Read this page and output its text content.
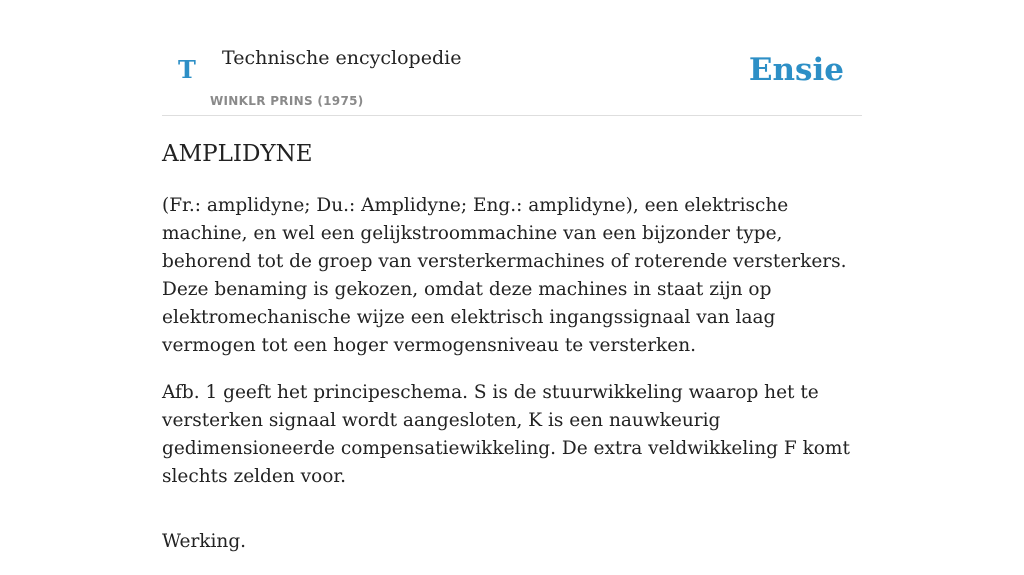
T Technische encyclopedie
WINKLR PRINS (1975)
Ensie
AMPLIDYNE

(Fr.: amplidyne; Du.: Amplidyne; Eng.: amplidyne), een elektrische machine, en wel een gelijkstroommachine van een bijzonder type, behorend tot de groep van versterkermachines of roterende versterkers. Deze benaming is gekozen, omdat deze machines in staat zijn op elektromechanische wijze een elektrisch ingangssignaal van laag vermogen tot een hoger vermogensniveau te versterken.

Afb. 1 geeft het principeschema. S is de stuurwikkeling waarop het te versterken signaal wordt aangesloten, K is een nauwkeurig gedimensioneerde compensatiewikkeling. De extra veldwikkeling F komt slechts zelden voor.

Werking.
